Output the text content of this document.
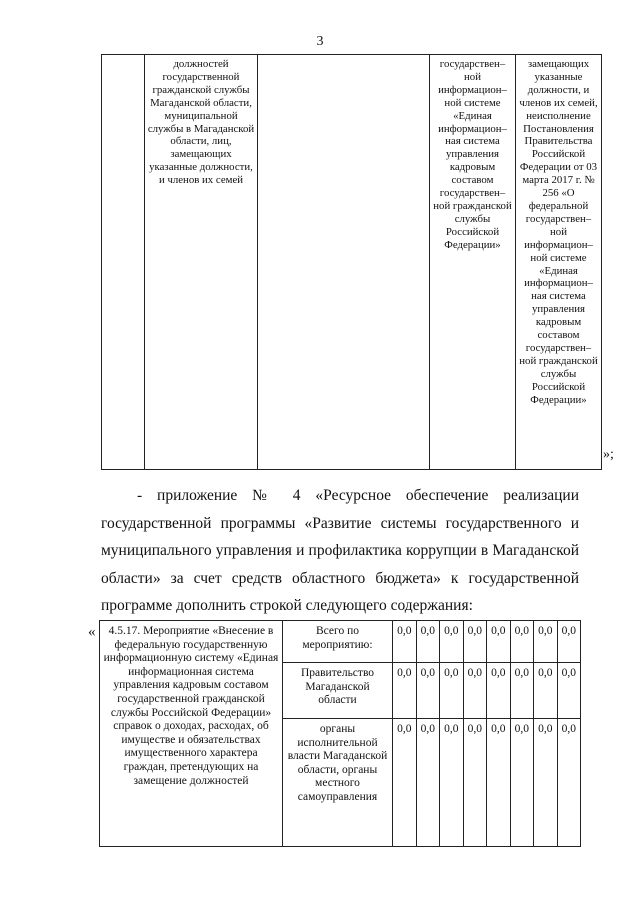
3
	должностей государственной гражданской службы Магаданской области, муниципальной службы в Магаданской области, лиц, замещающих указанные должности, и членов их семей		государствен–ной информацион–ной системе «Единая информацион–ная система управления кадровым составом государствен–ной гражданской службы Российской Федерации»	замещающих указанные должности, и членов их семей, неисполнение Постановления Правительства Российской Федерации от 03 марта 2017 г. № 256 «О федеральной государствен–ной информацион–ной системе «Единая информацион–ная система управления кадровым составом государствен–ной гражданской службы Российской Федерации»
»;
- приложение № 4 «Ресурсное обеспечение реализации государственной программы «Развитие системы государственного и муниципального управления и профилактика коррупции в Магаданской области» за счет средств областного бюджета» к государственной программе дополнить строкой следующего содержания:
« 4.5.17. Мероприятие «Внесение в федеральную государственную информационную систему «Единая информационная система управления кадровым составом государственной гражданской службы Российской Федерации» справок о доходах, расходах, об имуществе и обязательствах имущественного характера граждан, претендующих на замещение должностей	Всего по мероприятию:	0,0	0,0	0,0	0,0	0,0	0,0	0,0	0,0
	Правительство Магаданской области	0,0	0,0	0,0	0,0	0,0	0,0	0,0	0,0
	органы исполнительной власти Магаданской области, органы местного самоуправления	0,0	0,0	0,0	0,0	0,0	0,0	0,0	0,0
